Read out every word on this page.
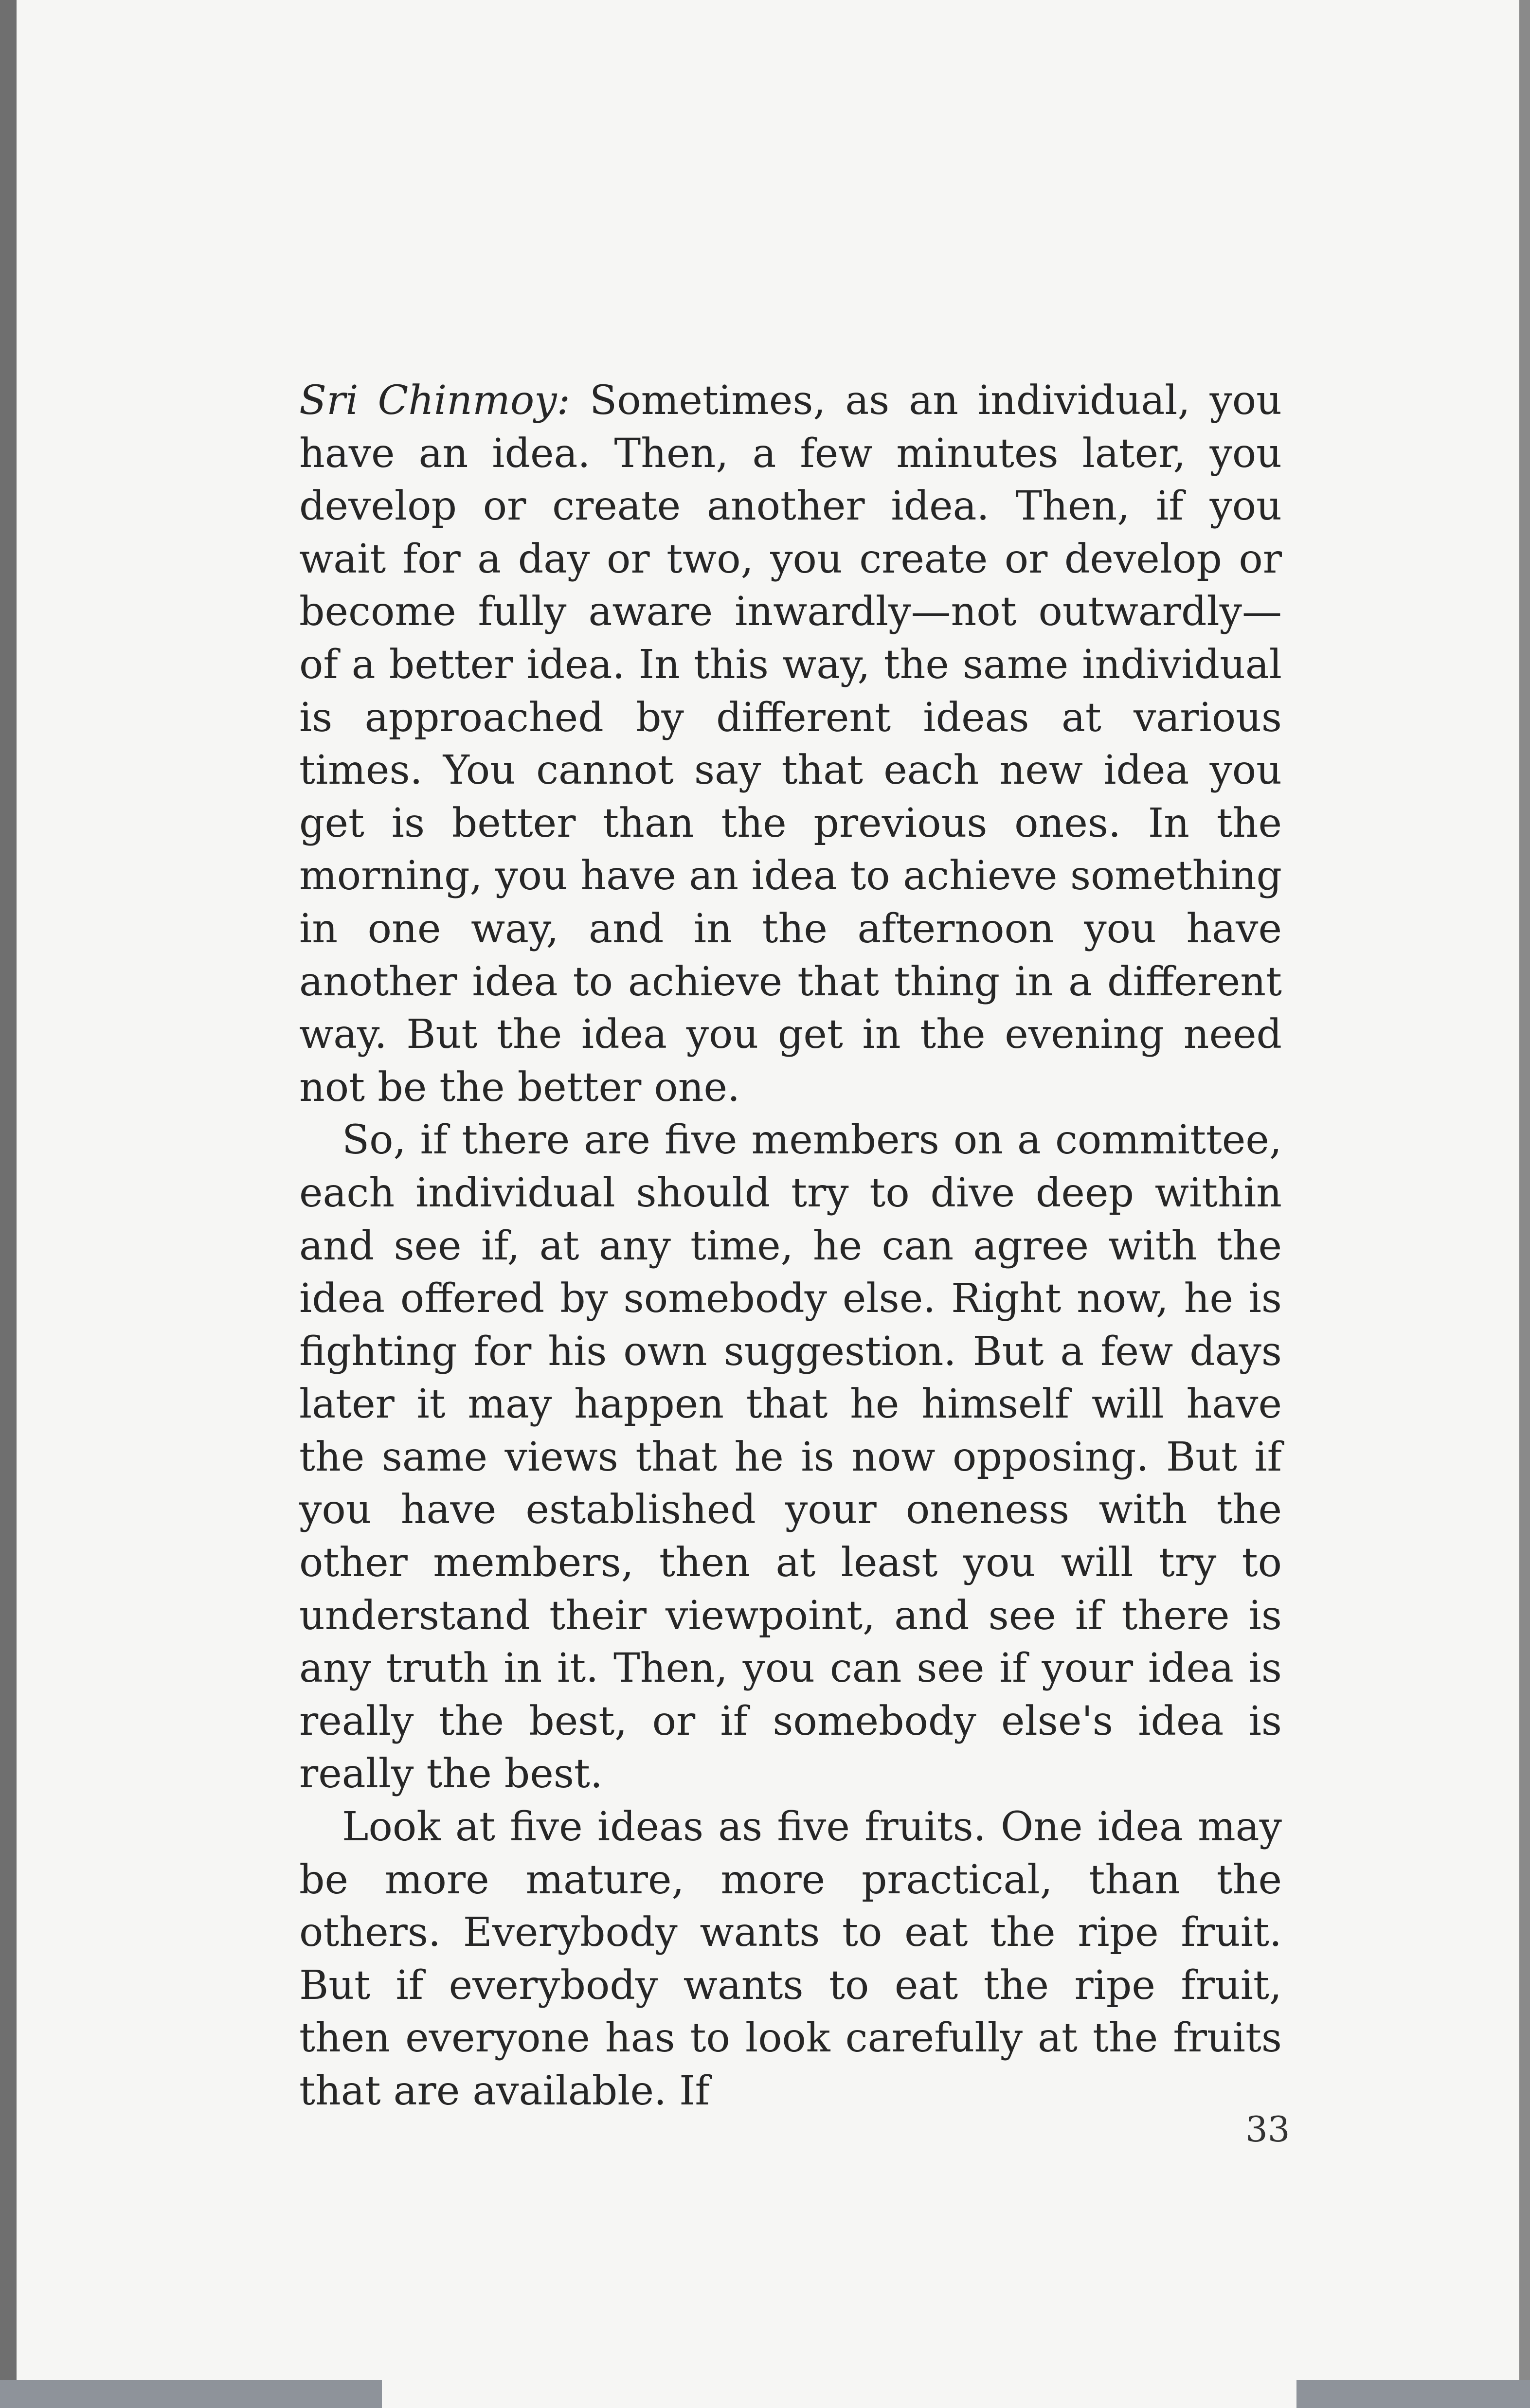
Sri Chinmoy: Sometimes, as an individual, you have an idea. Then, a few minutes later, you develop or create another idea. Then, if you wait for a day or two, you create or develop or become fully aware inwardly—not outwardly—of a better idea. In this way, the same individual is approached by different ideas at various times. You cannot say that each new idea you get is better than the previous ones. In the morning, you have an idea to achieve something in one way, and in the afternoon you have another idea to achieve that thing in a different way. But the idea you get in the evening need not be the better one.

So, if there are five members on a committee, each individual should try to dive deep within and see if, at any time, he can agree with the idea offered by somebody else. Right now, he is fighting for his own suggestion. But a few days later it may happen that he himself will have the same views that he is now opposing. But if you have established your oneness with the other members, then at least you will try to understand their viewpoint, and see if there is any truth in it. Then, you can see if your idea is really the best, or if somebody else's idea is really the best.

Look at five ideas as five fruits. One idea may be more mature, more practical, than the others. Everybody wants to eat the ripe fruit. But if everybody wants to eat the ripe fruit, then everyone has to look carefully at the fruits that are available. If

33
